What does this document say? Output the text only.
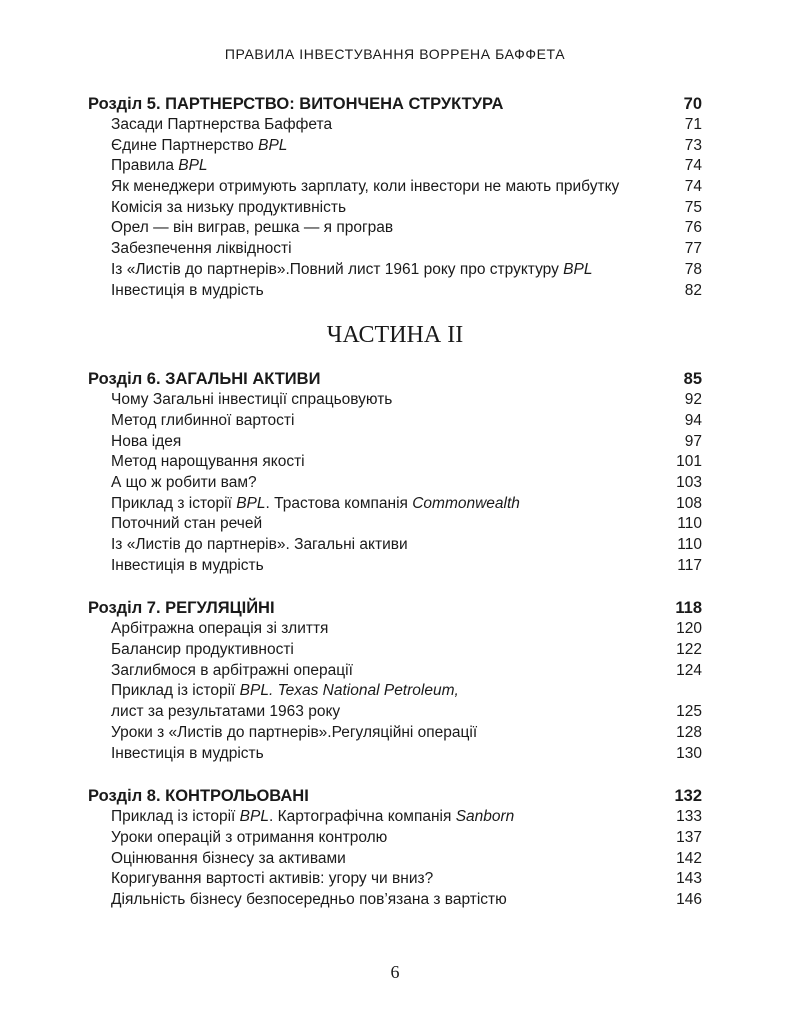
ПРАВИЛА ІНВЕСТУВАННЯ ВОРРЕНА БАФФЕТА
Розділ 5. ПАРТНЕРСТВО: ВИТОНЧЕНА СТРУКТУРА	70
Засади Партнерства Баффета	71
Єдине Партнерство BPL	73
Правила BPL	74
Як менеджери отримують зарплату, коли інвестори не мають прибутку	74
Комісія за низьку продуктивність	75
Орел — він виграв, решка — я програв	76
Забезпечення ліквідності	77
Із «Листів до партнерів».Повний лист 1961 року про структуру BPL	78
Інвестиція в мудрість	82
ЧАСТИНА II
Розділ 6. ЗАГАЛЬНІ АКТИВИ	85
Чому Загальні інвестиції спрацьовують	92
Метод глибинної вартості	94
Нова ідея	97
Метод нарощування якості	101
А що ж робити вам?	103
Приклад з історії BPL. Трастова компанія Commonwealth	108
Поточний стан речей	110
Із «Листів до партнерів». Загальні активи	110
Інвестиція в мудрість	117
Розділ 7. РЕГУЛЯЦІЙНІ	118
Арбітражна операція зі злиття	120
Балансир продуктивності	122
Заглибмося в арбітражні операції	124
Приклад із історії BPL. Texas National Petroleum,
лист за результатами 1963 року	125
Уроки з «Листів до партнерів».Регуляційні операції	128
Інвестиція в мудрість	130
Розділ 8. КОНТРОЛЬОВАНІ	132
Приклад із історії BPL. Картографічна компанія Sanborn	133
Уроки операцій з отримання контролю	137
Оцінювання бізнесу за активами	142
Коригування вартості активів: угору чи вниз?	143
Діяльність бізнесу безпосередньо пов’язана з вартістю	146
6
